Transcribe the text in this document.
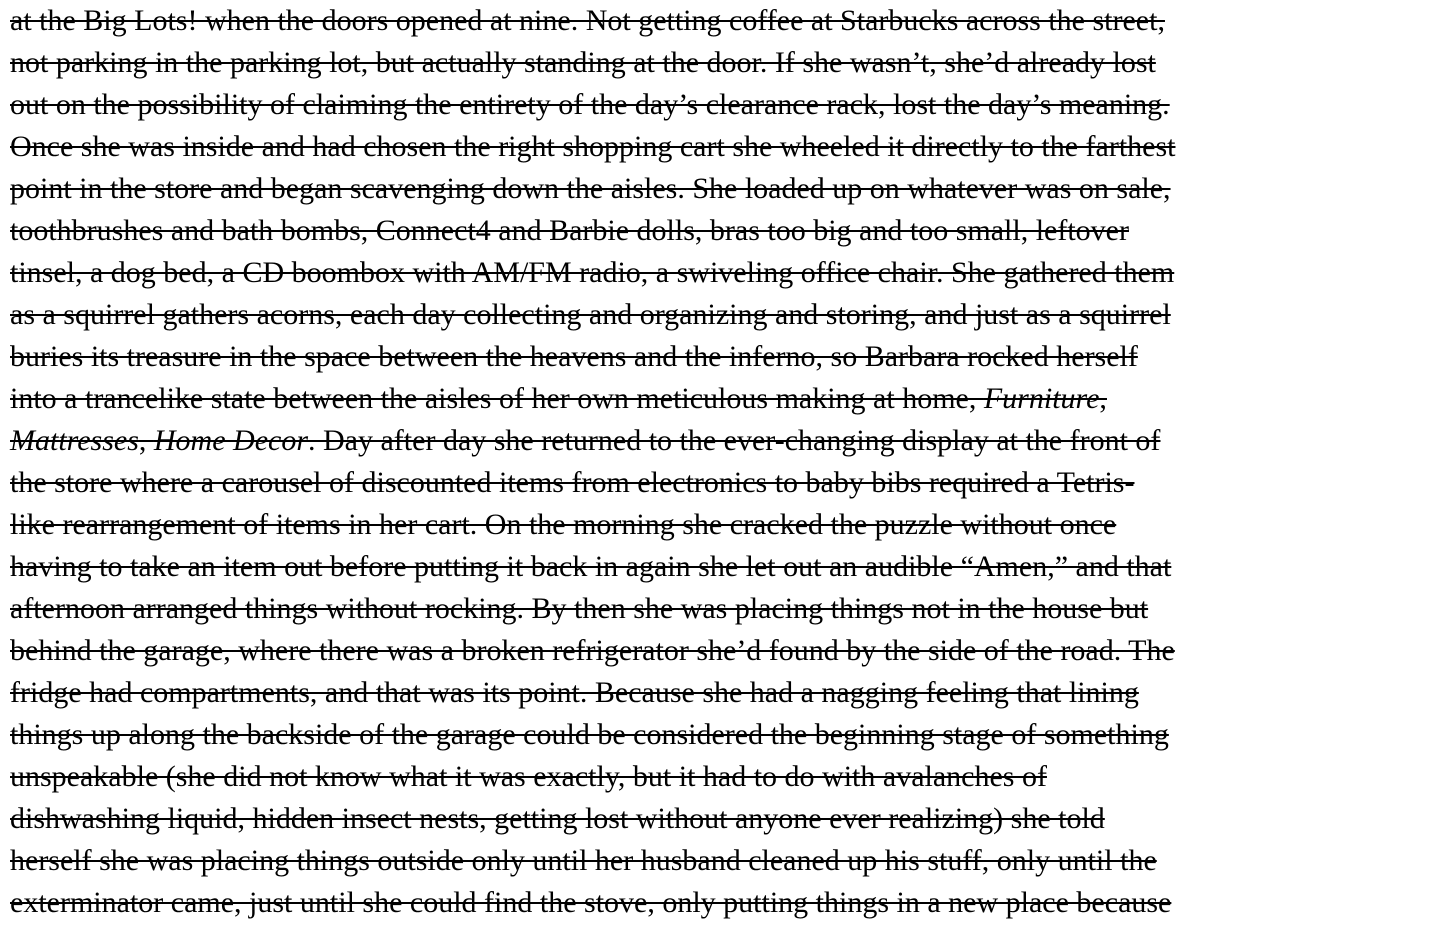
at the Big Lots! when the doors opened at nine. Not getting coffee at Starbucks across the street,
not parking in the parking lot, but actually standing at the door. If she wasn’t, she’d already lost
out on the possibility of claiming the entirety of the day’s clearance rack, lost the day’s meaning.
Once she was inside and had chosen the right shopping cart she wheeled it directly to the farthest
point in the store and began scavenging down the aisles. She loaded up on whatever was on sale,
toothbrushes and bath bombs, Connect4 and Barbie dolls, bras too big and too small, leftover
tinsel, a dog bed, a CD boombox with AM/FM radio, a swiveling office chair. She gathered them
as a squirrel gathers acorns, each day collecting and organizing and storing, and just as a squirrel
buries its treasure in the space between the heavens and the inferno, so Barbara rocked herself
into a trancelike state between the aisles of her own meticulous making at home, Furniture,
Mattresses, Home Decor. Day after day she returned to the ever-changing display at the front of
the store where a carousel of discounted items from electronics to baby bibs required a Tetris-
like rearrangement of items in her cart. On the morning she cracked the puzzle without once
having to take an item out before putting it back in again she let out an audible “Amen,” and that
afternoon arranged things without rocking. By then she was placing things not in the house but
behind the garage, where there was a broken refrigerator she’d found by the side of the road. The
fridge had compartments, and that was its point. Because she had a nagging feeling that lining
things up along the backside of the garage could be considered the beginning stage of something
unspeakable (she did not know what it was exactly, but it had to do with avalanches of
dishwashing liquid, hidden insect nests, getting lost without anyone ever realizing) she told
herself she was placing things outside only until her husband cleaned up his stuff, only until the
exterminator came, just until she could find the stove, only putting things in a new place because
